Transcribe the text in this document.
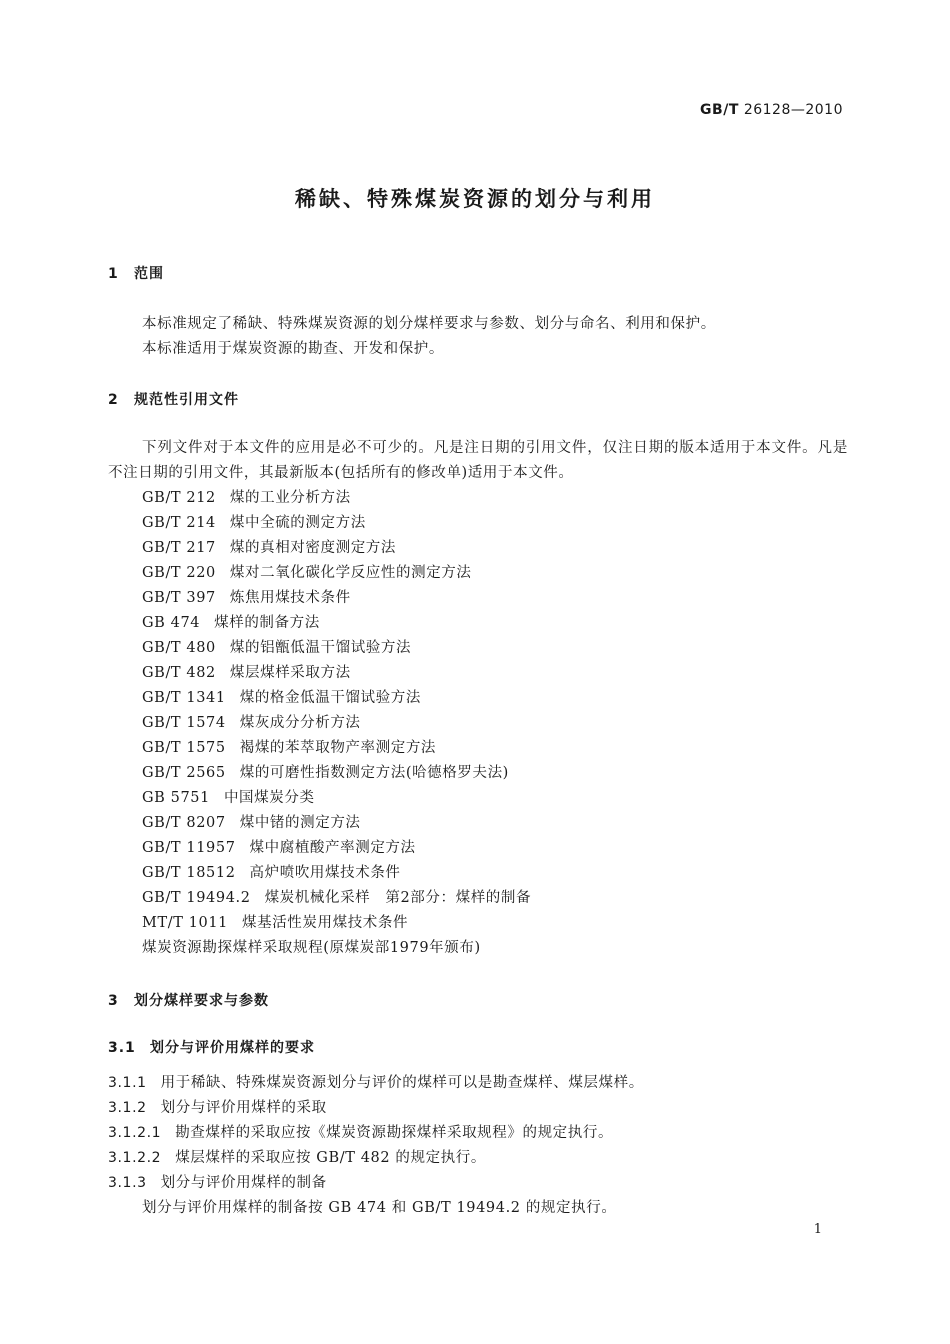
GB/T 26128—2010
稀缺、特殊煤炭资源的划分与利用
1 范围
本标准规定了稀缺、特殊煤炭资源的划分煤样要求与参数、划分与命名、利用和保护。
本标准适用于煤炭资源的勘查、开发和保护。
2 规范性引用文件
下列文件对于本文件的应用是必不可少的。凡是注日期的引用文件，仅注日期的版本适用于本文件。凡是不注日期的引用文件，其最新版本(包括所有的修改单)适用于本文件。
GB/T 212 煤的工业分析方法
GB/T 214 煤中全硫的测定方法
GB/T 217 煤的真相对密度测定方法
GB/T 220 煤对二氧化碳化学反应性的测定方法
GB/T 397 炼焦用煤技术条件
GB 474 煤样的制备方法
GB/T 480 煤的铝甑低温干馏试验方法
GB/T 482 煤层煤样采取方法
GB/T 1341 煤的格金低温干馏试验方法
GB/T 1574 煤灰成分分析方法
GB/T 1575 褐煤的苯萃取物产率测定方法
GB/T 2565 煤的可磨性指数测定方法(哈德格罗夫法)
GB 5751 中国煤炭分类
GB/T 8207 煤中锗的测定方法
GB/T 11957 煤中腐植酸产率测定方法
GB/T 18512 高炉喷吹用煤技术条件
GB/T 19494.2 煤炭机械化采样　第2部分：煤样的制备
MT/T 1011 煤基活性炭用煤技术条件
煤炭资源勘探煤样采取规程(原煤炭部1979年颁布)
3 划分煤样要求与参数
3.1 划分与评价用煤样的要求
3.1.1 用于稀缺、特殊煤炭资源划分与评价的煤样可以是勘查煤样、煤层煤样。
3.1.2 划分与评价用煤样的采取
3.1.2.1 勘查煤样的采取应按《煤炭资源勘探煤样采取规程》的规定执行。
3.1.2.2 煤层煤样的采取应按 GB/T 482 的规定执行。
3.1.3 划分与评价用煤样的制备
划分与评价用煤样的制备按 GB 474 和 GB/T 19494.2 的规定执行。
1
